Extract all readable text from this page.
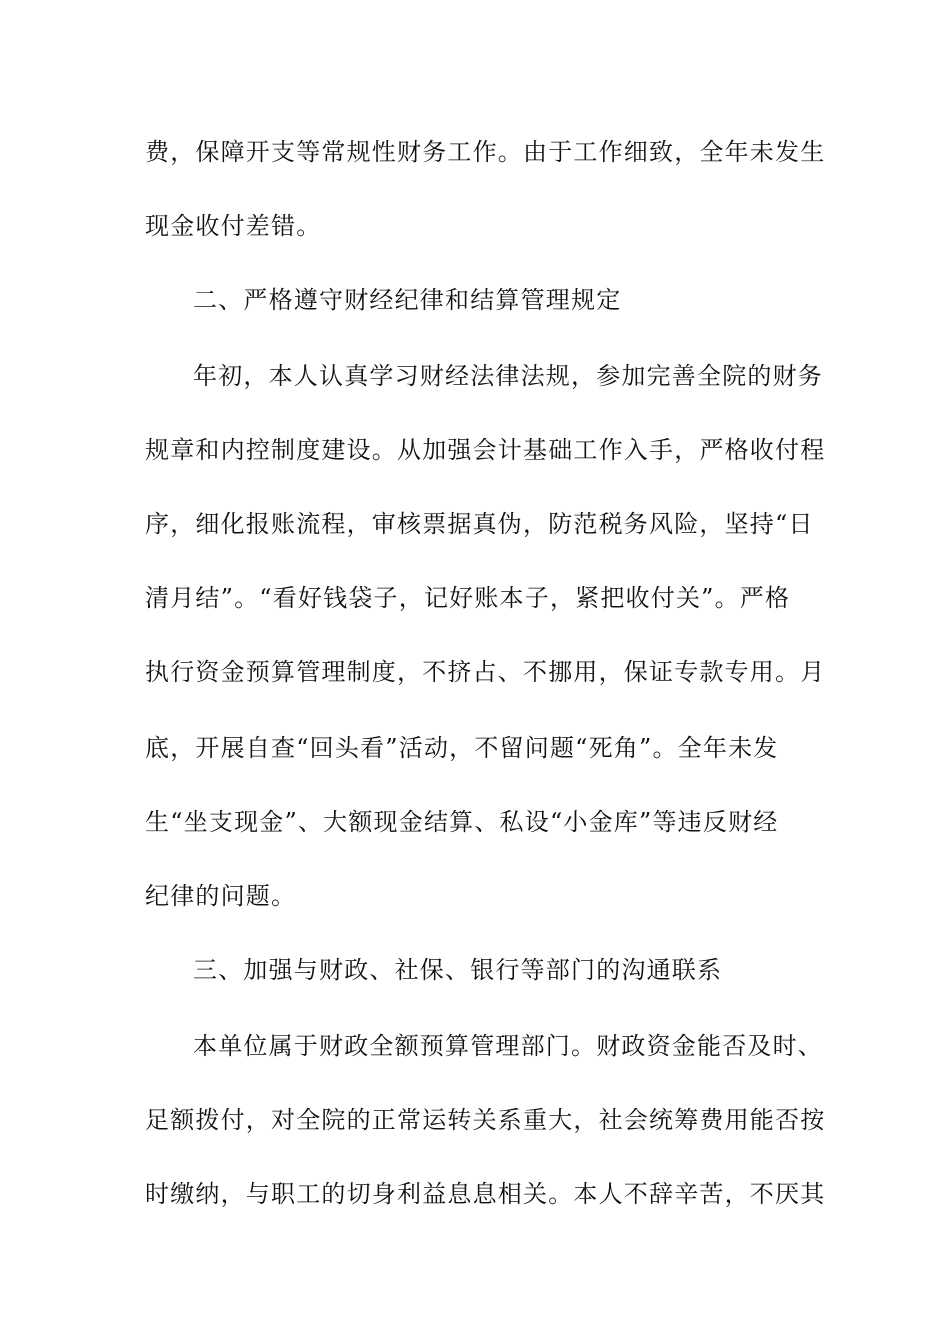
费，保障开支等常规性财务工作。由于工作细致，全年未发生
现金收付差错。
二、严格遵守财经纪律和结算管理规定
年初，本人认真学习财经法律法规，参加完善全院的财务
规章和内控制度建设。从加强会计基础工作入手，严格收付程
序，细化报账流程，审核票据真伪，防范税务风险，坚持“日
清月结”。“看好钱袋子，记好账本子，紧把收付关”。严格
执行资金预算管理制度，不挤占、不挪用，保证专款专用。月
底，开展自查“回头看”活动，不留问题“死角”。全年未发
生“坐支现金”、大额现金结算、私设“小金库”等违反财经
纪律的问题。
三、加强与财政、社保、银行等部门的沟通联系
本单位属于财政全额预算管理部门。财政资金能否及时、
足额拨付，对全院的正常运转关系重大，社会统筹费用能否按
时缴纳，与职工的切身利益息息相关。本人不辞辛苦，不厌其
